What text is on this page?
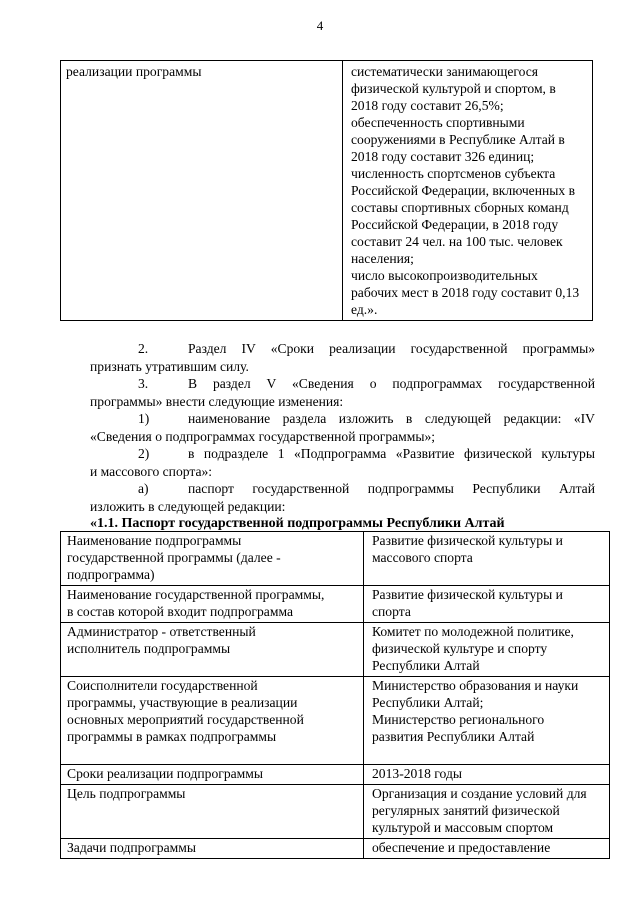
4
реализации программы	систематически занимающегося
физической культурой и спортом, в
2018 году составит 26,5%;
обеспеченность спортивными
сооружениями в Республике Алтай в
2018 году составит 326 единиц;
численность спортсменов субъекта
Российской Федерации, включенных в
составы спортивных сборных команд
Российской Федерации, в 2018 году
составит 24 чел. на 100 тыс. человек
населения;
число высокопроизводительных
рабочих мест в 2018 году составит 0,13
ед.».
2.	Раздел IV «Сроки реализации государственной программы»
признать утратившим силу.
3.	В раздел V «Сведения о подпрограммах государственной
программы» внести следующие изменения:
1)	наименование раздела изложить в следующей редакции: «IV
«Сведения о подпрограммах государственной программы»;
2)	в подразделе 1 «Подпрограмма «Развитие физической культуры
и массового спорта»:
а)	паспорт государственной подпрограммы Республики Алтай
изложить в следующей редакции:
«1.1. Паспорт государственной подпрограммы Республики Алтай
Наименование подпрограммы
государственной программы (далее -
подпрограмма)	Развитие физической культуры и
массового спорта

Наименование государственной программы,
в состав которой входит подпрограмма	Развитие физической культуры и
спорта

Администратор - ответственный
исполнитель подпрограммы	Комитет по молодежной политике,
физической культуре и спорту
Республики Алтай

Соисполнители государственной
программы, участвующие в реализации
основных мероприятий государственной
программы в рамках подпрограммы	Министерство образования и науки
Республики Алтай;
Министерство регионального
развития Республики Алтай

Сроки реализации подпрограммы	2013-2018 годы

Цель подпрограммы	Организация и создание условий для
регулярных занятий физической
культурой и массовым спортом

Задачи подпрограммы	обеспечение и предоставление
